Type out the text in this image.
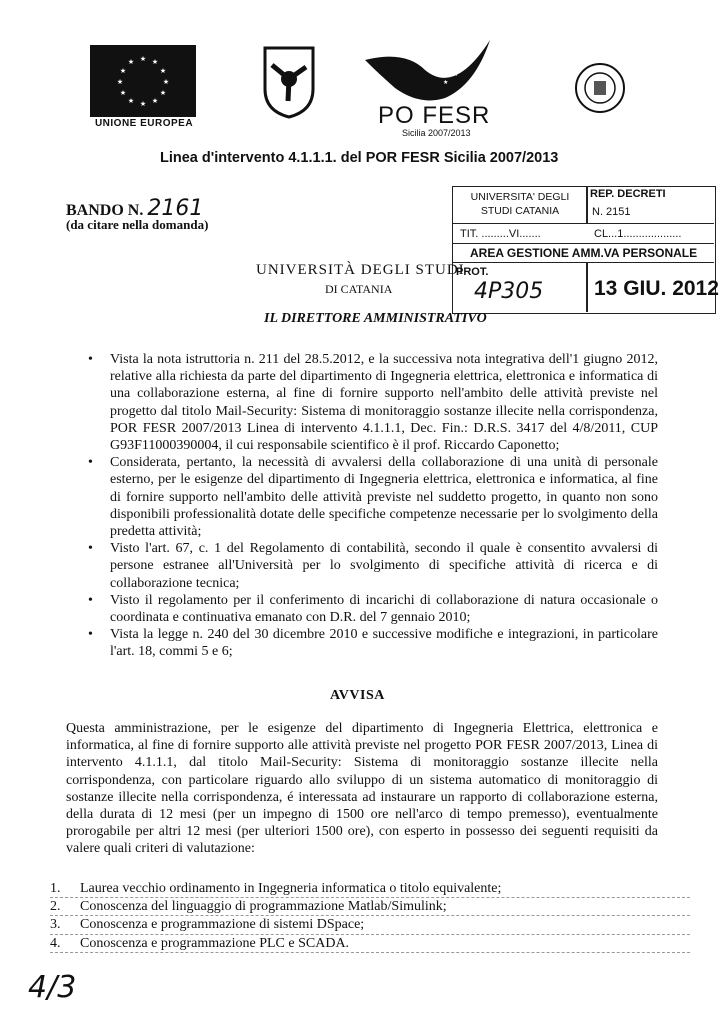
★ ★
★
★
★
★
★
★
★
★
★
★
UNIONE EUROPEA
★
★
★
★
PO FESR
Sicilia 2007/2013
Linea d'intervento 4.1.1.1. del POR FESR Sicilia 2007/2013
BANDO N. 2161
(da citare nella domanda)
UNIVERSITA' DEGLI STUDI CATANIA
REP. DECRETI
N. 2151
TIT. .........VI.......	CL...1...................
AREA GESTIONE AMM.VA PERSONALE
PROT.
4P305 13 GIU. 2012
UNIVERSITÀ DEGLI STUDI
DI CATANIA
IL DIRETTORE AMMINISTRATIVO
• Vista la nota istruttoria n. 211 del 28.5.2012, e la successiva nota integrativa dell'1 giugno 2012, relative alla richiesta da parte del dipartimento di Ingegneria elettrica, elettronica e informatica di una collaborazione esterna, al fine di fornire supporto nell'ambito delle attività previste nel progetto dal titolo Mail-Security: Sistema di monitoraggio sostanze illecite nella corrispondenza, POR FESR 2007/2013 Linea di intervento 4.1.1.1, Dec. Fin.: D.R.S. 3417 del 4/8/2011, CUP G93F11000390004, il cui responsabile scientifico è il prof. Riccardo Caponetto;
• Considerata, pertanto, la necessità di avvalersi della collaborazione di una unità di personale esterno, per le esigenze del dipartimento di Ingegneria elettrica, elettronica e informatica, al fine di fornire supporto nell'ambito delle attività previste nel suddetto progetto, in quanto non sono disponibili professionalità dotate delle specifiche competenze necessarie per lo svolgimento della predetta attività;
• Visto l'art. 67, c. 1 del Regolamento di contabilità, secondo il quale è consentito avvalersi di persone estranee all'Università per lo svolgimento di specifiche attività di ricerca e di collaborazione tecnica;
• Visto il regolamento per il conferimento di incarichi di collaborazione di natura occasionale o coordinata e continuativa emanato con D.R. del 7 gennaio 2010;
• Vista la legge n. 240 del 30 dicembre 2010 e successive modifiche e integrazioni, in particolare l'art. 18, commi 5 e 6;
AVVISA
Questa amministrazione, per le esigenze del dipartimento di Ingegneria Elettrica, elettronica e informatica, al fine di fornire supporto alle attività previste nel progetto POR FESR 2007/2013, Linea di intervento 4.1.1.1, dal titolo Mail-Security: Sistema di monitoraggio sostanze illecite nella corrispondenza, con particolare riguardo allo sviluppo di un sistema automatico di monitoraggio di sostanze illecite nella corrispondenza, é interessata ad instaurare un rapporto di collaborazione esterna, della durata di 12 mesi (per un impegno di 1500 ore nell'arco di tempo premesso), eventualmente prorogabile per altri 12 mesi (per ulteriori 1500 ore), con esperto in possesso dei seguenti requisiti da valere quali criteri di valutazione:
1. Laurea vecchio ordinamento in Ingegneria informatica o titolo equivalente;
2. Conoscenza del linguaggio di programmazione Matlab/Simulink;
3. Conoscenza e programmazione di sistemi DSpace;
4. Conoscenza e programmazione PLC e SCADA.
4/3
